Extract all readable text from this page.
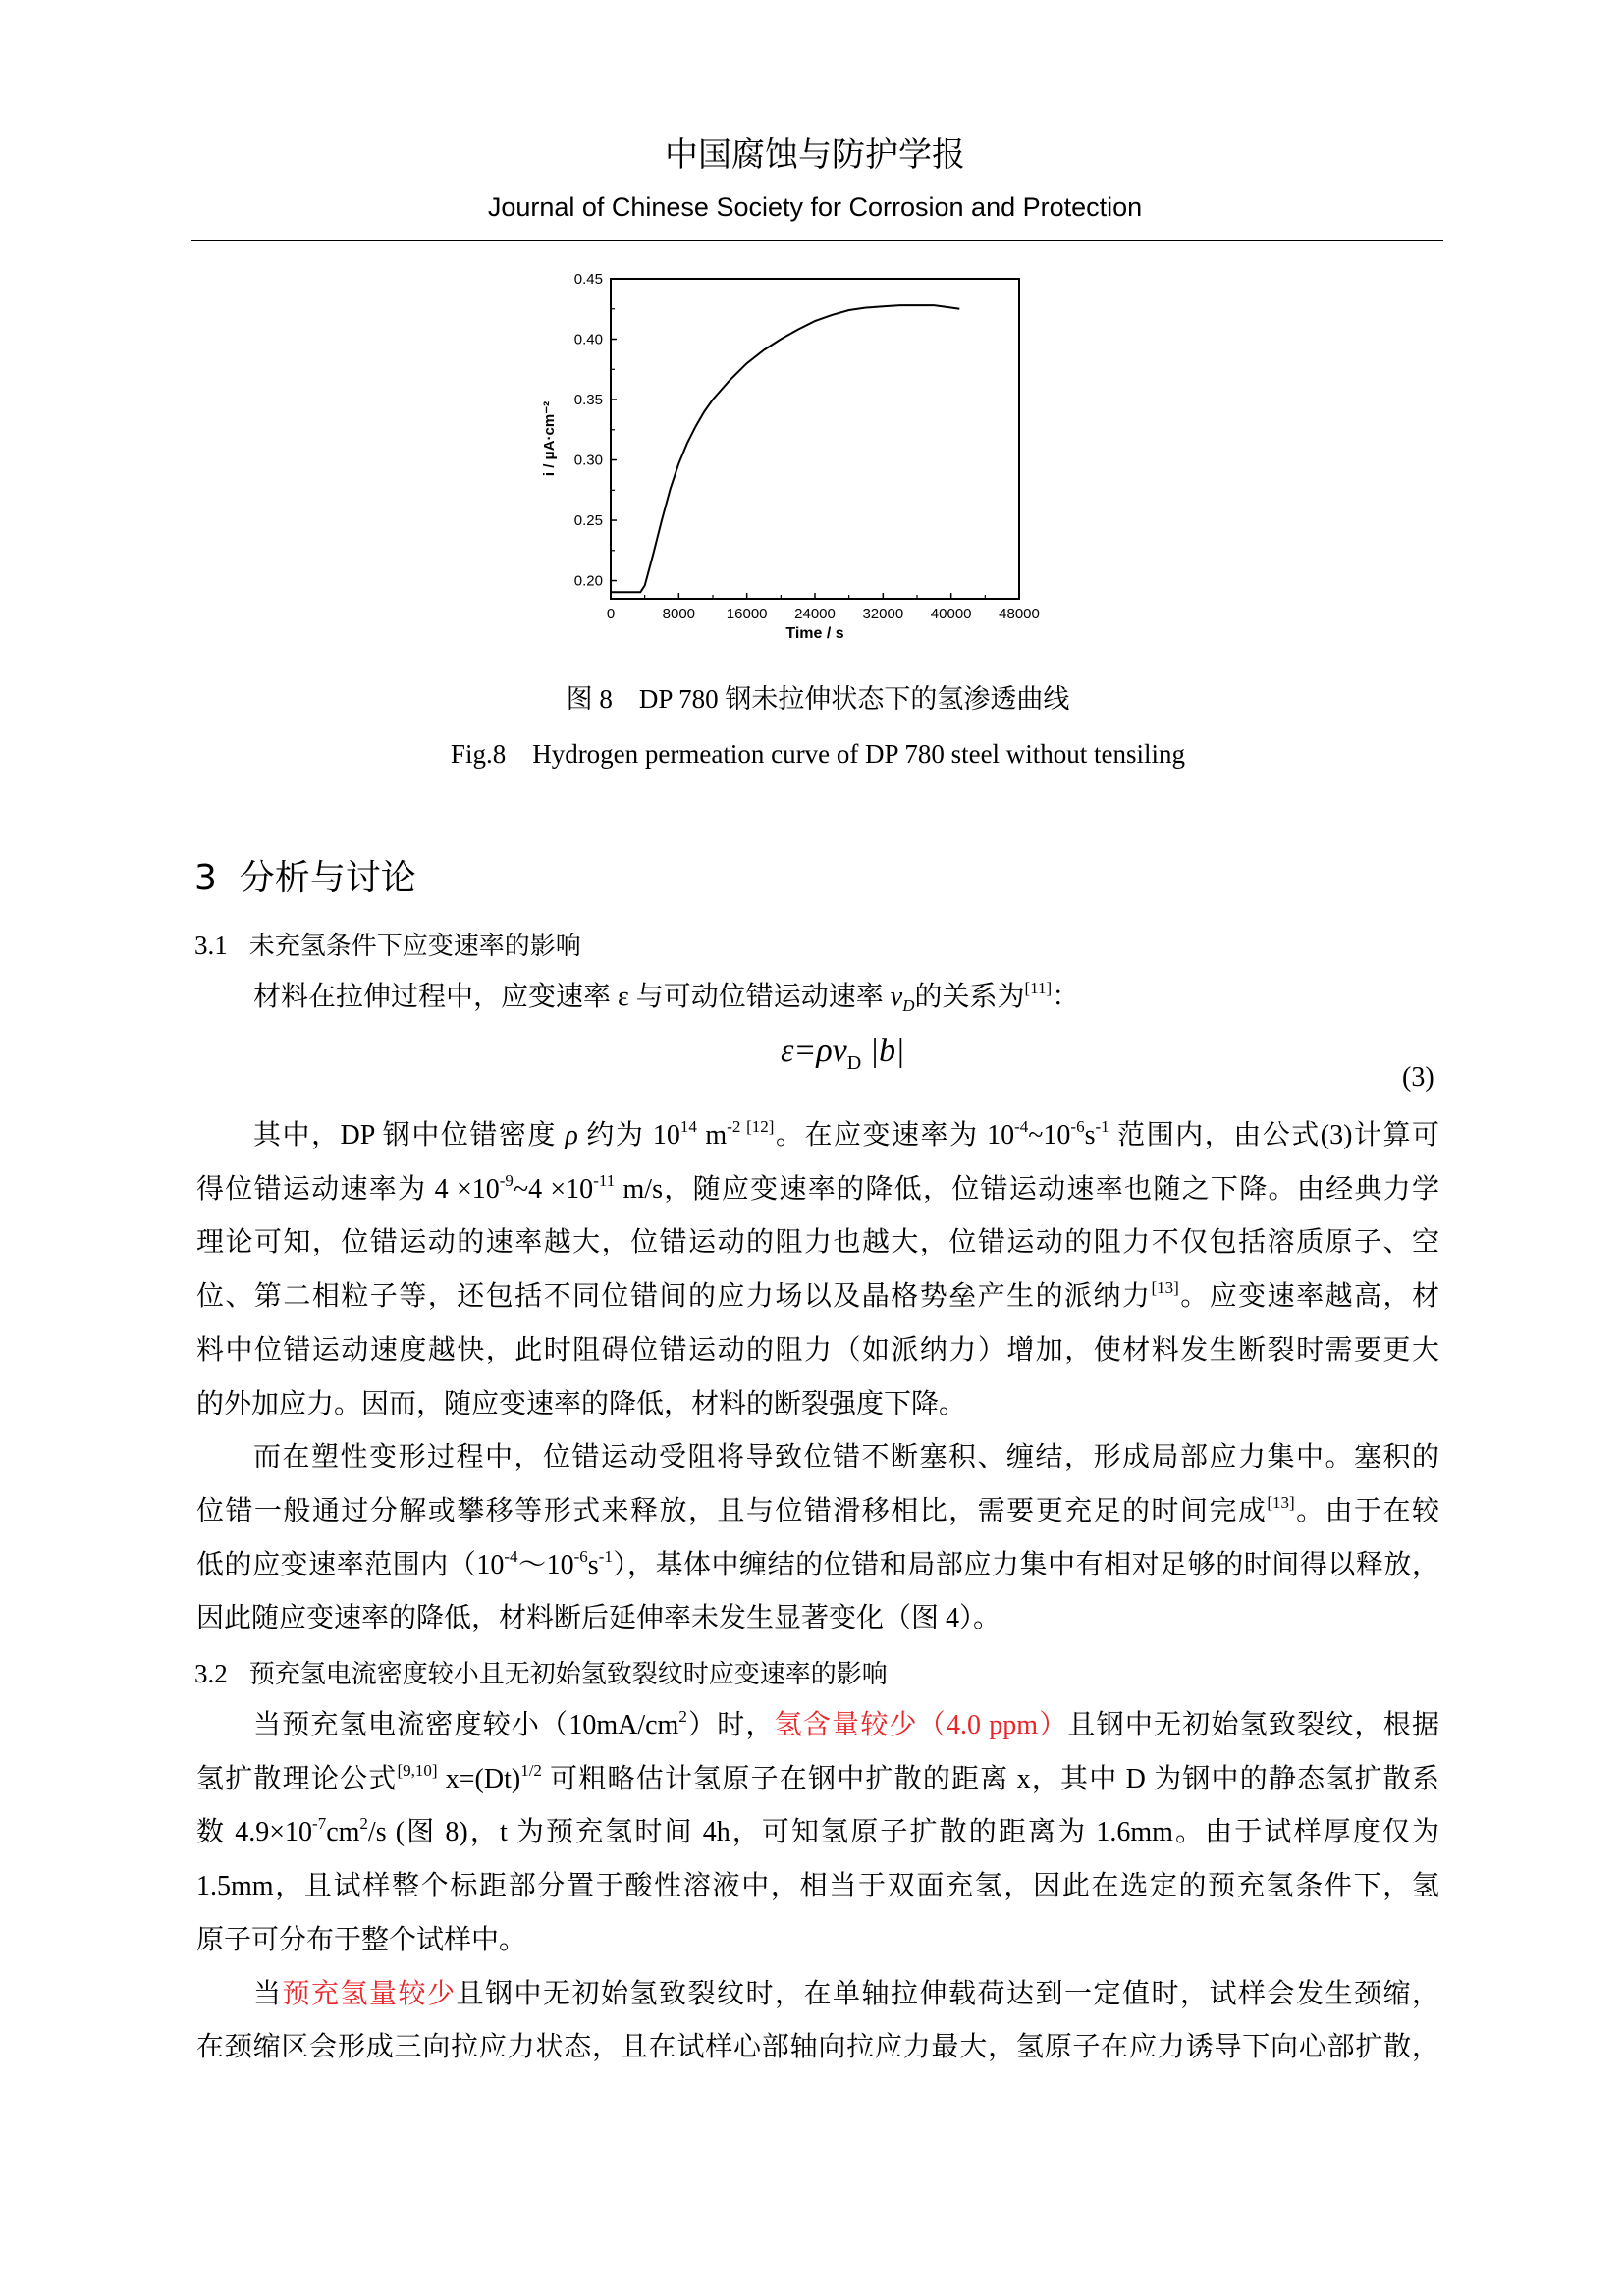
中国腐蚀与防护学报
Journal of Chinese Society for Corrosion and Protection
0	8000 16000 24000 32000 40000 48000
0.20
0.25
0.30
0.35
0.40
0.45
Time / s
i / μA·cm⁻²
图 8　DP 780 钢未拉伸状态下的氢渗透曲线
Fig.8　Hydrogen permeation curve of DP 780 steel without tensiling
3 分析与讨论
3.1 未充氢条件下应变速率的影响
材料在拉伸过程中，应变速率 ε 与可动位错运动速率 $v_D$的关系为[11]：
$\varepsilon=\rho v_D$ |b|
(3)
其中，DP 钢中位错密度 ρ 约为 $10^{14}$ $m^{-2 [12]}$。在应变速率为 $10^{-4}\sim 10^{-6}s^{-1}$ 范围内，由公式(3)计算可
得位错运动速率为 $4 \times 10^{-9}\sim 4 \times 10^{-11}$ m/s，随应变速率的降低，位错运动速率也随之下降。由经典力学
理论可知，位错运动的速率越大，位错运动的阻力也越大，位错运动的阻力不仅包括溶质原子、空
位、第二相粒子等，还包括不同位错间的应力场以及晶格势垒产生的派纳力[13]。应变速率越高，材
料中位错运动速度越快，此时阻碍位错运动的阻力（如派纳力）增加，使材料发生断裂时需要更大
的外加应力。因而，随应变速率的降低，材料的断裂强度下降。
而在塑性变形过程中，位错运动受阻将导致位错不断塞积、缠结，形成局部应力集中。塞积的
位错一般通过分解或攀移等形式来释放，且与位错滑移相比，需要更充足的时间完成[13]。由于在较
低的应变速率范围内$(10^{-4}\sim 10^{-6}s^{-1})$，基体中缠结的位错和局部应力集中有相对足够的时间得以释放，
因此随应变速率的降低，材料断后延伸率未发生显著变化（图 4）。
3.2 预充氢电流密度较小且无初始氢致裂纹时应变速率的影响
当预充氢电流密度较小$(10mA/cm^2)$时，氢含量较少（4.0 ppm）且钢中无初始氢致裂纹，根据
氢扩散理论公式[9,10] $x=(Dt)^{1/2}$ 可粗略估计氢原子在钢中扩散的距离 x，其中 D 为钢中的静态氢扩散系
数 $4.9\times 10^{-7}cm^2/s$ (图 8)，t 为预充氢时间 4h，可知氢原子扩散的距离为 1.6mm。由于试样厚度仅为
1.5mm，且试样整个标距部分置于酸性溶液中，相当于双面充氢，因此在选定的预充氢条件下，氢
原子可分布于整个试样中。
当预充氢量较少且钢中无初始氢致裂纹时，在单轴拉伸载荷达到一定值时，试样会发生颈缩，
在颈缩区会形成三向拉应力状态，且在试样心部轴向拉应力最大，氢原子在应力诱导下向心部扩散，
